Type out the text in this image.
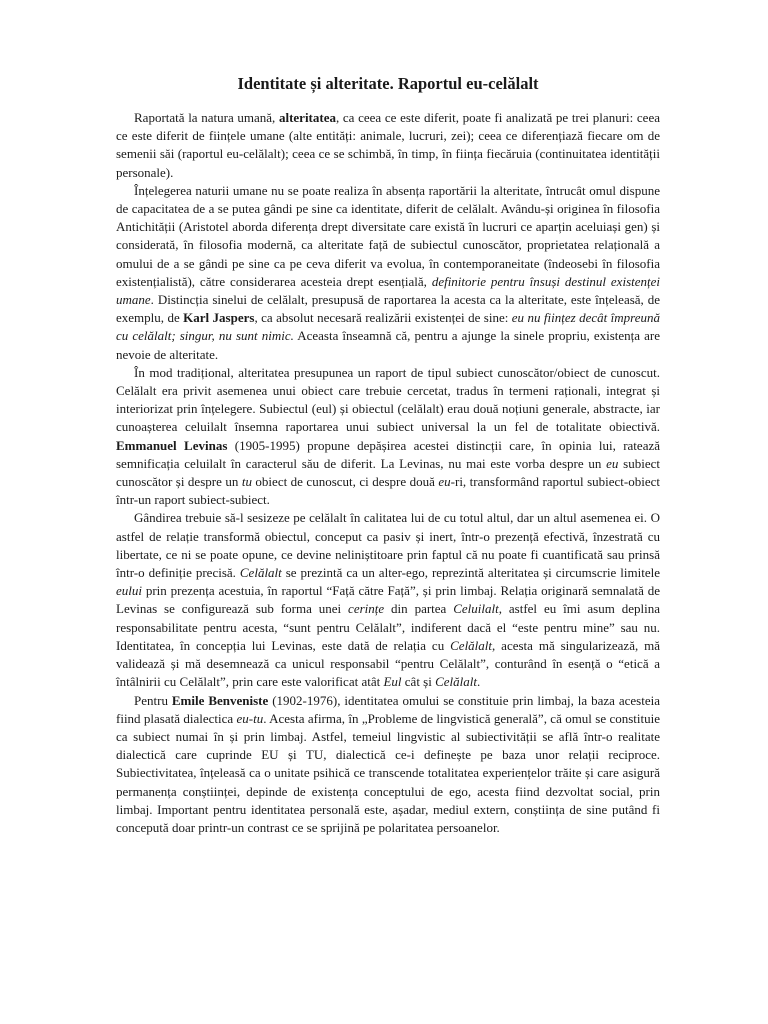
Identitate și alteritate. Raportul eu-celălalt

Raportată la natura umană, alteritatea, ca ceea ce este diferit, poate fi analizată pe trei planuri: ceea ce este diferit de ființele umane (alte entități: animale, lucruri, zei); ceea ce diferențiază fiecare om de semenii săi (raportul eu-celălalt); ceea ce se schimbă, în timp, în ființa fiecăruia (continuitatea identității personale).

Înțelegerea naturii umane nu se poate realiza în absența raportării la alteritate, întrucât omul dispune de capacitatea de a se putea gândi pe sine ca identitate, diferit de celălalt. Avându-și originea în filosofia Antichității (Aristotel aborda diferența drept diversitate care există în lucruri ce aparțin aceluiași gen) și considerată, în filosofia modernă, ca alteritate față de subiectul cunoscător, proprietatea relațională a omului de a se gândi pe sine ca pe ceva diferit va evolua, în contemporaneitate (îndeosebi în filosofia existențialistă), către considerarea acesteia drept esențială, definitorie pentru însuși destinul existenței umane. Distincția sinelui de celălalt, presupusă de raportarea la acesta ca la alteritate, este înțeleasă, de exemplu, de Karl Jaspers, ca absolut necesară realizării existenței de sine: eu nu ființez decât împreună cu celălalt; singur, nu sunt nimic. Aceasta înseamnă că, pentru a ajunge la sinele propriu, existența are nevoie de alteritate.

În mod tradițional, alteritatea presupunea un raport de tipul subiect cunoscător/obiect de cunoscut. Celălalt era privit asemenea unui obiect care trebuie cercetat, tradus în termeni raționali, integrat și interiorizat prin înțelegere. Subiectul (eul) și obiectul (celălalt) erau două noțiuni generale, abstracte, iar cunoașterea celuilalt însemna raportarea unui subiect universal la un fel de totalitate obiectivă. Emmanuel Levinas (1905-1995) propune depășirea acestei distincții care, în opinia lui, ratează semnificația celuilalt în caracterul său de diferit. La Levinas, nu mai este vorba despre un eu subiect cunoscător și despre un tu obiect de cunoscut, ci despre două eu-ri, transformând raportul subiect-obiect într-un raport subiect-subiect.

Gândirea trebuie să-l sesizeze pe celălalt în calitatea lui de cu totul altul, dar un altul asemenea ei. O astfel de relație transformă obiectul, conceput ca pasiv și inert, într-o prezență efectivă, înzestrată cu libertate, ce ni se poate opune, ce devine neliniștitoare prin faptul că nu poate fi cuantificată sau prinsă într-o definiție precisă. Celălalt se prezintă ca un alter-ego, reprezintă alteritatea și circumscrie limitele eului prin prezența acestuia, în raportul “Față către Față”, și prin limbaj. Relația originară semnalată de Levinas se configurează sub forma unei cerințe din partea Celuilalt, astfel eu îmi asum deplina responsabilitate pentru acesta, “sunt pentru Celălalt”, indiferent dacă el “este pentru mine” sau nu. Identitatea, în concepția lui Levinas, este dată de relația cu Celălalt, acesta mă singularizează, mă validează și mă desemnează ca unicul responsabil “pentru Celălalt”, conturând în esență o “etică a întâlnirii cu Celălalt”, prin care este valorificat atât Eul cât și Celălalt.

Pentru Emile Benveniste (1902-1976), identitatea omului se constituie prin limbaj, la baza acesteia fiind plasată dialectica eu-tu. Acesta afirma, în „Probleme de lingvistică generală”, că omul se constituie ca subiect numai în și prin limbaj. Astfel, temeiul lingvistic al subiectivității se află într-o realitate dialectică care cuprinde EU și TU, dialectică ce-i definește pe baza unor relații reciproce. Subiectivitatea, înțeleasă ca o unitate psihică ce transcende totalitatea experiențelor trăite și care asigură permanența conștiinței, depinde de existența conceptului de ego, acesta fiind dezvoltat social, prin limbaj. Important pentru identitatea personală este, așadar, mediul extern, conștiința de sine putând fi concepută doar printr-un contrast ce se sprijină pe polaritatea persoanelor.
